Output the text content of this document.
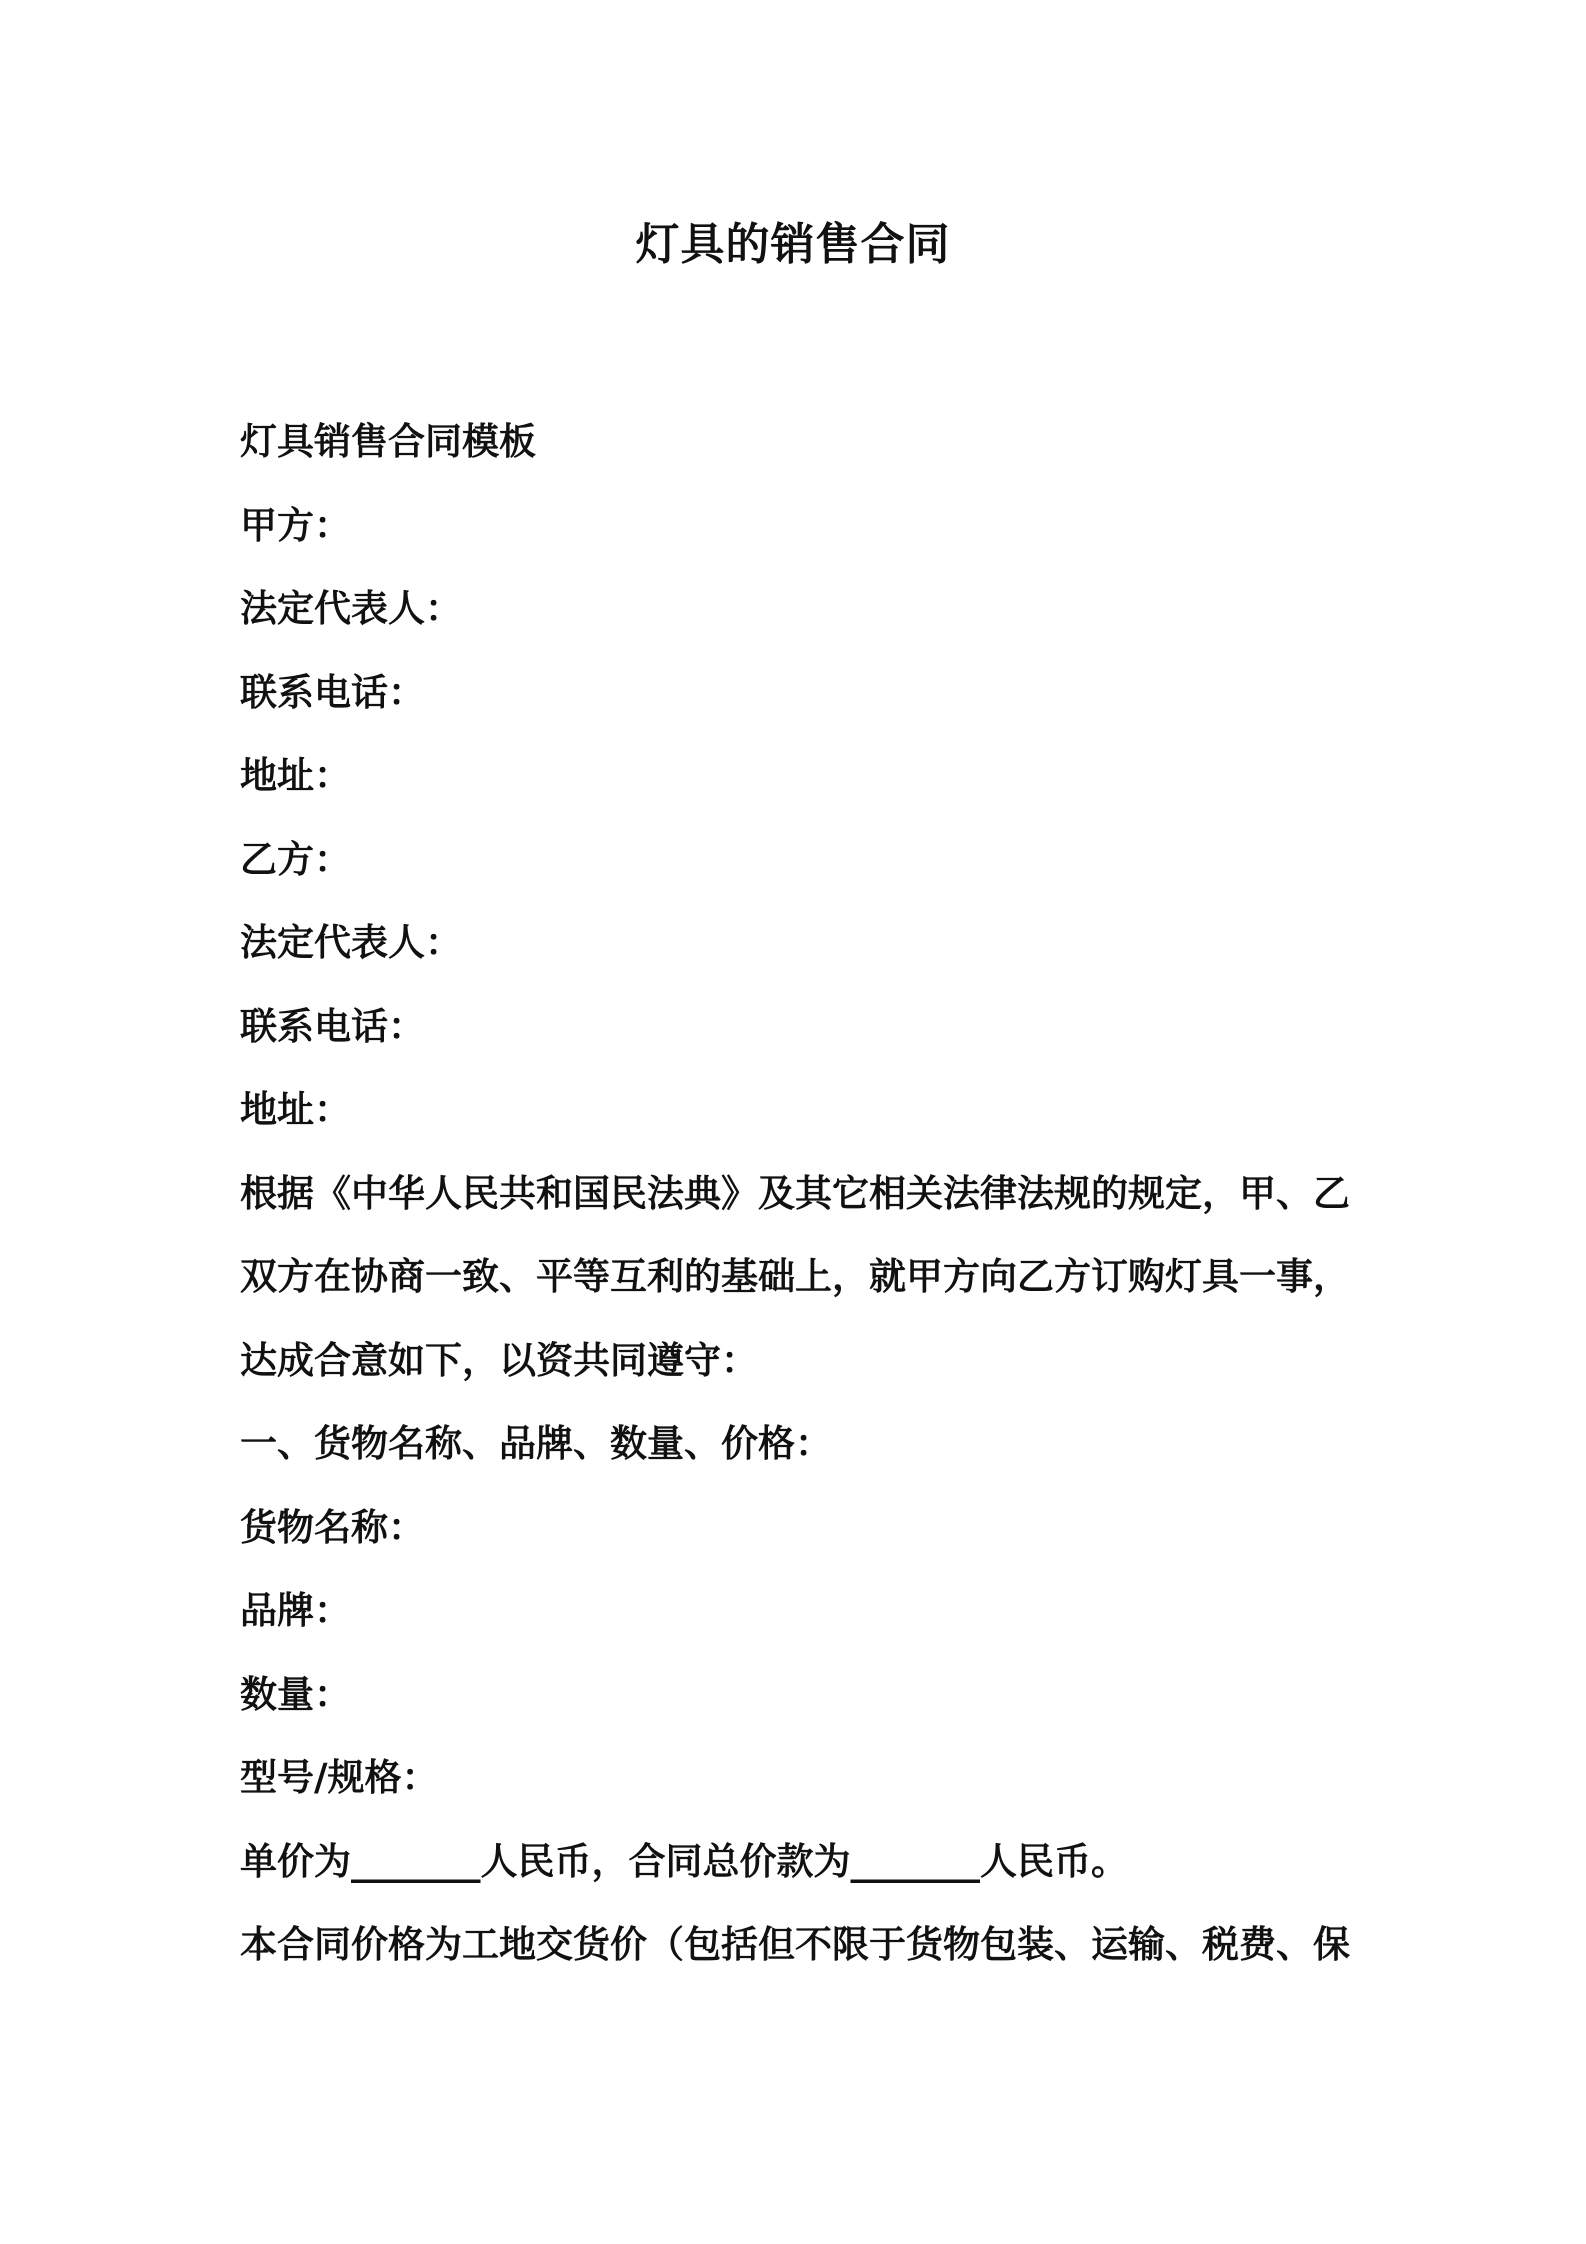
灯具的销售合同
灯具销售合同模板
甲方：
法定代表人：
联系电话：
地址：
乙方：
法定代表人：
联系电话：
地址：
根据《中华人民共和国民法典》及其它相关法律法规的规定，甲、乙
双方在协商一致、平等互利的基础上，就甲方向乙方订购灯具一事，
达成合意如下，以资共同遵守：
一、货物名称、品牌、数量、价格：
货物名称：
品牌：
数量：
型号/规格：
单价为_______人民币，合同总价款为_______人民币。
本合同价格为工地交货价（包括但不限于货物包装、运输、税费、保
